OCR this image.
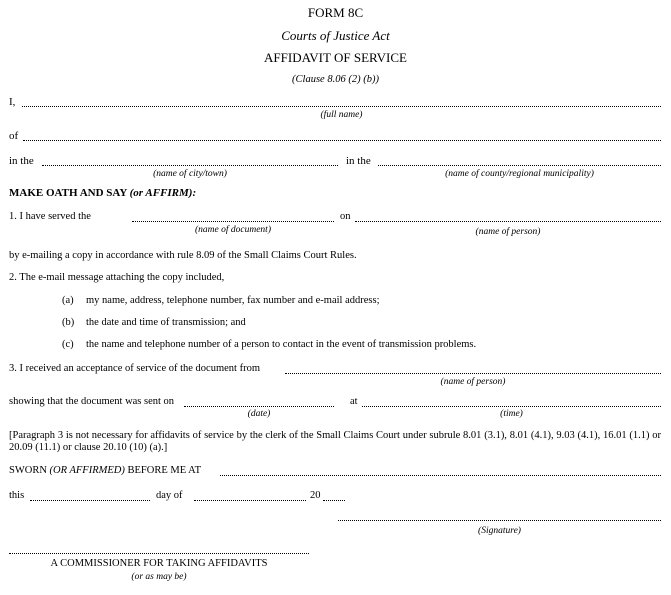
FORM 8C
Courts of Justice Act
AFFIDAVIT OF SERVICE
(Clause 8.06 (2) (b))
I,
(full name)
of
in the	in the
(name of city/town)	(name of county/regional municipality)
MAKE OATH AND SAY (or AFFIRM):
1. I have served the	on
(name of document)	(name of person)
by e-mailing a copy in accordance with rule 8.09 of the Small Claims Court Rules.
2. The e-mail message attaching the copy included,
(a) my name, address, telephone number, fax number and e-mail address;
(b) the date and time of transmission; and
(c) the name and telephone number of a person to contact in the event of transmission problems.
3. I received an acceptance of service of the document from
(name of person)
showing that the document was sent on	at
(date)	(time)
[Paragraph 3 is not necessary for affidavits of service by the clerk of the Small Claims Court under subrule 8.01 (3.1), 8.01 (4.1), 9.03 (4.1), 16.01 (1.1) or 20.09 (11.1) or clause 20.10 (10) (a).]
SWORN (OR AFFIRMED) BEFORE ME AT
this	day of	20
(Signature)
A COMMISSIONER FOR TAKING AFFIDAVITS
(or as may be)
